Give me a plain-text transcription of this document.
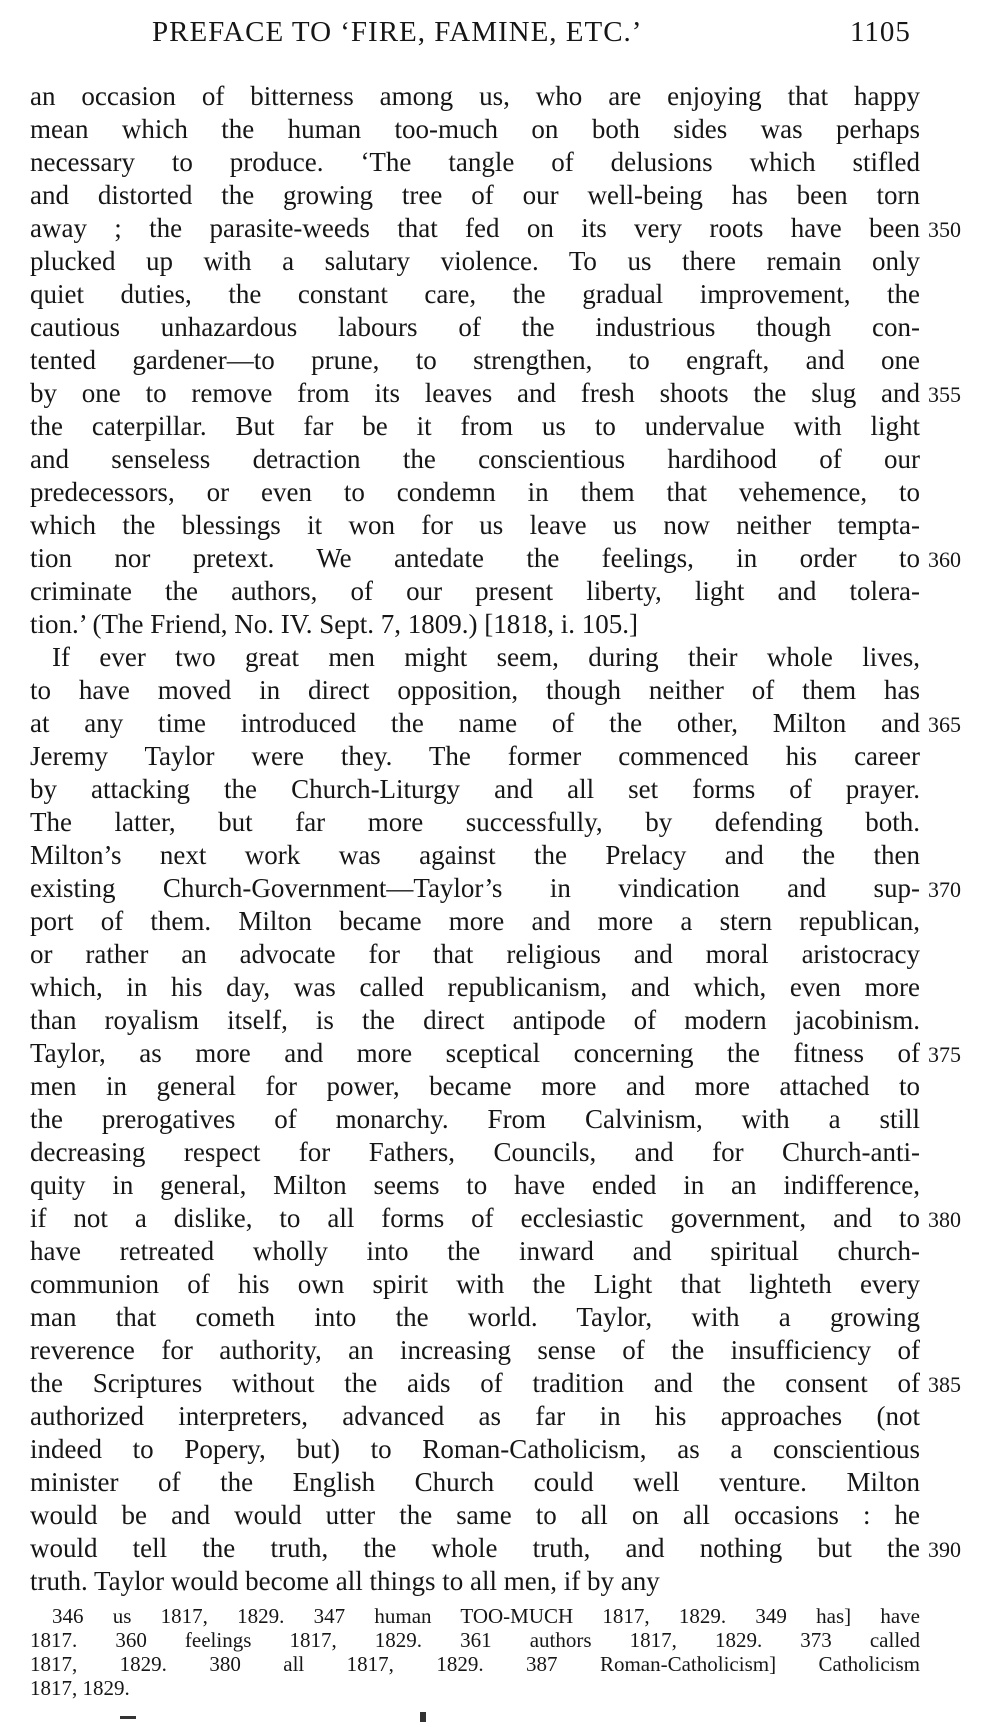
PREFACE TO ‘FIRE, FAMINE, ETC.’	1105
an occasion of bitterness among us, who are enjoying that happy
mean which the human too-much on both sides was perhaps
necessary to produce. ‘The tangle of delusions which stifled
and distorted the growing tree of our well-being has been torn
away ; the parasite-weeds that fed on its very roots have been 350
plucked up with a salutary violence. To us there remain only
quiet duties, the constant care, the gradual improvement, the
cautious unhazardous labours of the industrious though con-
tented gardener—to prune, to strengthen, to engraft, and one
by one to remove from its leaves and fresh shoots the slug and 355
the caterpillar. But far be it from us to undervalue with light
and senseless detraction the conscientious hardihood of our
predecessors, or even to condemn in them that vehemence, to
which the blessings it won for us leave us now neither tempta-
tion nor pretext. We antedate the feelings, in order to 360
criminate the authors, of our present liberty, light and tolera-
tion.’ (The Friend, No. IV. Sept. 7, 1809.) [1818, i. 105.]
If ever two great men might seem, during their whole lives,
to have moved in direct opposition, though neither of them has
at any time introduced the name of the other, Milton and 365
Jeremy Taylor were they. The former commenced his career
by attacking the Church-Liturgy and all set forms of prayer.
The latter, but far more successfully, by defending both.
Milton’s next work was against the Prelacy and the then
existing Church-Government—Taylor’s in vindication and sup- 370
port of them. Milton became more and more a stern republican,
or rather an advocate for that religious and moral aristocracy
which, in his day, was called republicanism, and which, even more
than royalism itself, is the direct antipode of modern jacobinism.
Taylor, as more and more sceptical concerning the fitness of 375
men in general for power, became more and more attached to
the prerogatives of monarchy. From Calvinism, with a still
decreasing respect for Fathers, Councils, and for Church-anti-
quity in general, Milton seems to have ended in an indifference,
if not a dislike, to all forms of ecclesiastic government, and to 380
have retreated wholly into the inward and spiritual church-
communion of his own spirit with the Light that lighteth every
man that cometh into the world. Taylor, with a growing
reverence for authority, an increasing sense of the insufficiency of
the Scriptures without the aids of tradition and the consent of 385
authorized interpreters, advanced as far in his approaches (not
indeed to Popery, but) to Roman-Catholicism, as a conscientious
minister of the English Church could well venture. Milton
would be and would utter the same to all on all occasions : he
would tell the truth, the whole truth, and nothing but the 390
truth. Taylor would become all things to all men, if by any
346 us 1817, 1829. 347 human TOO-MUCH 1817, 1829. 349 has] have
1817. 360 feelings 1817, 1829. 361 authors 1817, 1829. 373 called
1817, 1829. 380 all 1817, 1829. 387 Roman-Catholicism] Catholicism
1817, 1829.
